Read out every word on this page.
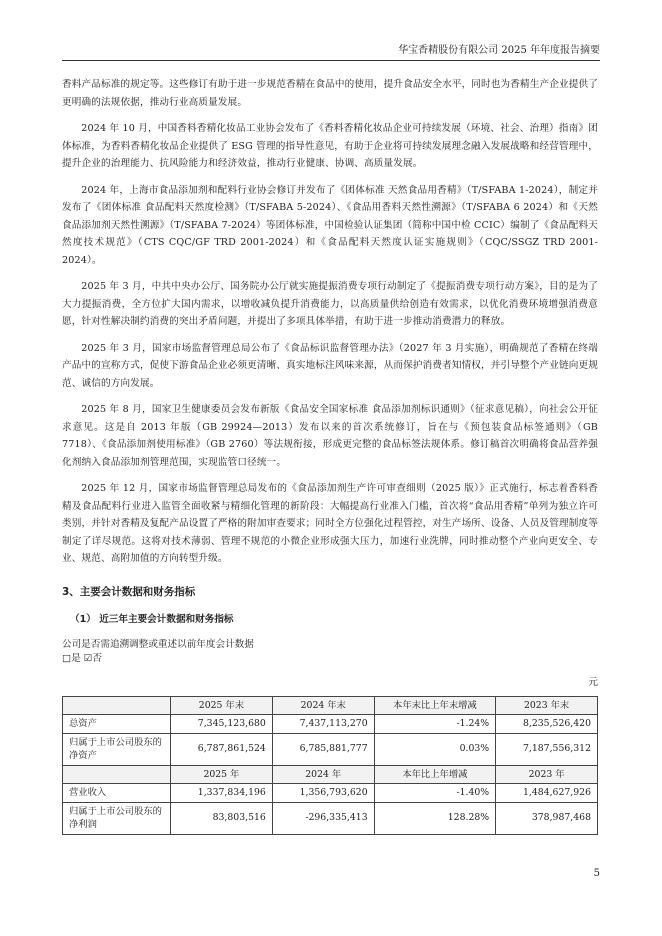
华宝香精股份有限公司 2025 年年度报告摘要

香料产品标准的规定等。这些修订有助于进一步规范香精在食品中的使用，提升食品安全水平，同时也为香精生产企业提供了更明确的法规依据，推动行业高质量发展。

2024 年 10 月，中国香料香精化妆品工业协会发布了《香料香精化妆品企业可持续发展（环境、社会、治理）指南》团体标准，为香料香精化妆品企业提供了 ESG 管理的指导性意见，有助于企业将可持续发展理念融入发展战略和经营管理中，提升企业的治理能力、抗风险能力和经济效益，推动行业健康、协调、高质量发展。

2024 年，上海市食品添加剂和配料行业协会修订并发布了《团体标准 天然食品用香精》（T/SFABA 1-2024），制定并发布了《团体标准 食品配料天然度检测》（T/SFABA 5-2024）、《食品用香料天然性溯源》（T/SFABA 6 2024）和《天然食品添加剂天然性溯源》（T/SFABA 7-2024）等团体标准，中国检验认证集团（简称中国中检 CCIC）编制了《食品配料天然度技术规范》（CTS CQC/GF TRD 2001-2024）和《食品配料天然度认证实施规则》（CQC/SSGZ TRD 2001-2024）。

2025 年 3 月，中共中央办公厅、国务院办公厅就实施提振消费专项行动制定了《提振消费专项行动方案》，目的是为了大力提振消费，全方位扩大国内需求，以增收减负提升消费能力，以高质量供给创造有效需求，以优化消费环境增强消费意愿，针对性解决制约消费的突出矛盾问题，并提出了多项具体举措，有助于进一步推动消费潜力的释放。

2025 年 3 月，国家市场监督管理总局公布了《食品标识监督管理办法》（2027 年 3 月实施），明确规范了香精在终端产品中的宣称方式，促使下游食品企业必须更清晰、真实地标注风味来源，从而保护消费者知情权，并引导整个产业链向更规范、诚信的方向发展。

2025 年 8 月，国家卫生健康委员会发布新版《食品安全国家标准 食品添加剂标识通则》（征求意见稿），向社会公开征求意见。这是自 2013 年版（GB 29924—2013）发布以来的首次系统修订，旨在与《预包装食品标签通则》（GB 7718）、《食品添加剂使用标准》（GB 2760）等法规衔接，形成更完整的食品标签法规体系。修订稿首次明确将食品营养强化剂纳入食品添加剂管理范围，实现监管口径统一。

2025 年 12 月，国家市场监督管理总局发布的《食品添加剂生产许可审查细则（2025 版）》正式施行，标志着香料香精及食品配料行业进入监管全面收紧与精细化管理的新阶段：大幅提高行业准入门槛，首次将“食品用香精”单列为独立许可类别，并针对香精及复配产品设置了严格的附加审查要求；同时全方位强化过程管控，对生产场所、设备、人员及管理制度等制定了详尽规范。这将对技术薄弱、管理不规范的小微企业形成强大压力，加速行业洗牌，同时推动整个产业向更安全、专业、规范、高附加值的方向转型升级。

3、主要会计数据和财务指标
（1） 近三年主要会计数据和财务指标

公司是否需追溯调整或重述以前年度会计数据

□是 ☑否

元
	2025 年末	2024 年末	本年末比上年末增减	2023 年末
总资产	7,345,123,680	7,437,113,270	-1.24%	8,235,526,420
归属于上市公司股东的净资产	6,787,861,524	6,785,881,777	0.03%	7,187,556,312
	2025 年	2024 年	本年比上年增减	2023 年
营业收入	1,337,834,196	1,356,793,620	-1.40%	1,484,627,926
归属于上市公司股东的净利润	83,803,516	-296,335,413	128.28%	378,987,468
5
